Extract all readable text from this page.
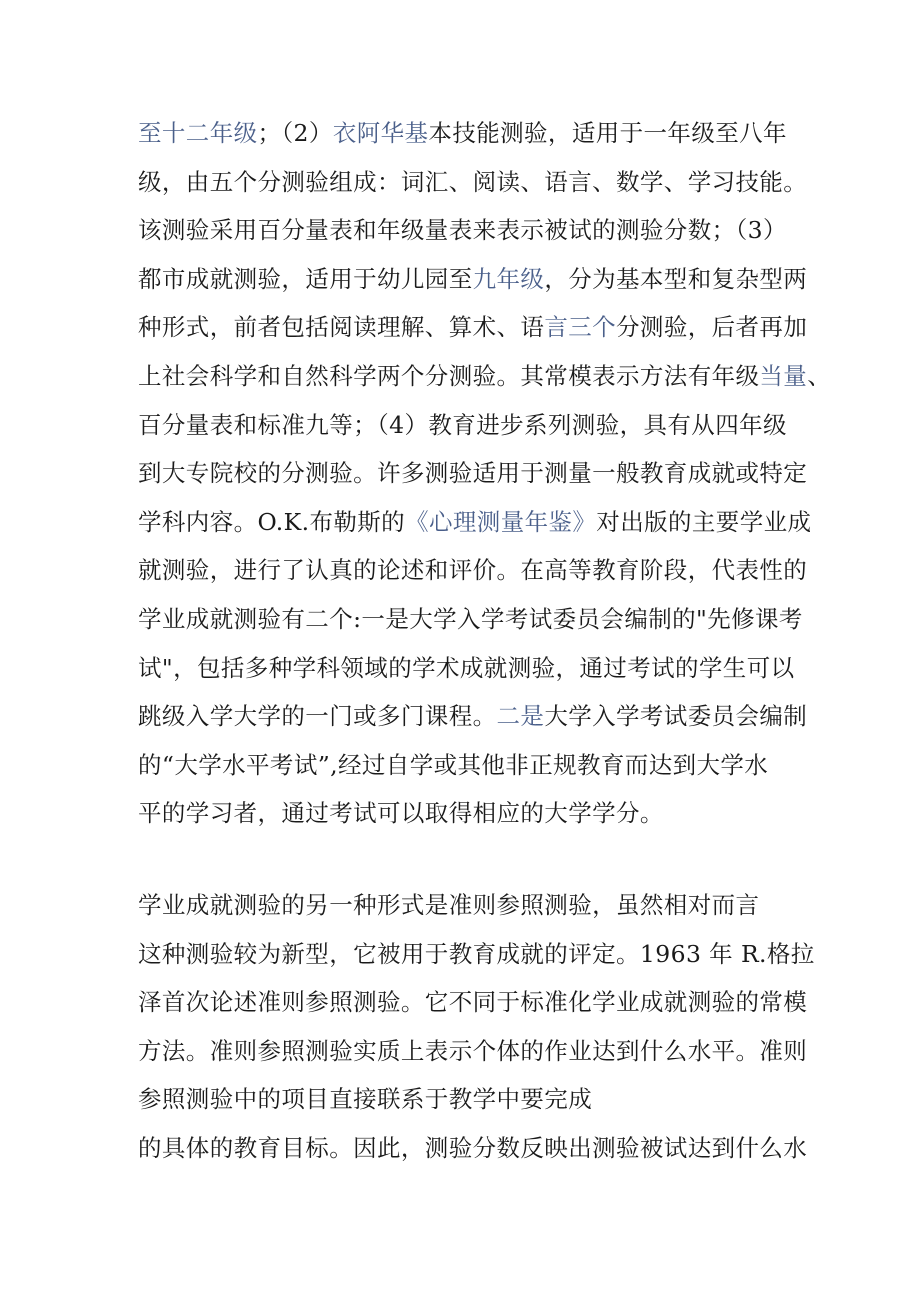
至十二年级；（2）衣阿华基本技能测验，适用于一年级至八年
级，由五个分测验组成：词汇、阅读、语言、数学、学习技能。
该测验采用百分量表和年级量表来表示被试的测验分数；（3）
都市成就测验，适用于幼儿园至九年级，分为基本型和复杂型两
种形式，前者包括阅读理解、算术、语言三个分测验，后者再加
上社会科学和自然科学两个分测验。其常模表示方法有年级当量、
百分量表和标准九等；（4）教育进步系列测验，具有从四年级
到大专院校的分测验。许多测验适用于测量一般教育成就或特定
学科内容。O.K.布勒斯的《心理测量年鉴》对出版的主要学业成
就测验，进行了认真的论述和评价。在高等教育阶段，代表性的
学业成就测验有二个:一是大学入学考试委员会编制的"先修课考
试"，包括多种学科领域的学术成就测验，通过考试的学生可以
跳级入学大学的一门或多门课程。二是大学入学考试委员会编制
的“大学水平考试”,经过自学或其他非正规教育而达到大学水
平的学习者，通过考试可以取得相应的大学学分。
学业成就测验的另一种形式是准则参照测验，虽然相对而言
这种测验较为新型，它被用于教育成就的评定。1963 年 R.格拉
泽首次论述准则参照测验。它不同于标准化学业成就测验的常模
方法。准则参照测验实质上表示个体的作业达到什么水平。准则
参照测验中的项目直接联系于教学中要完成
的具体的教育目标。因此，测验分数反映出测验被试达到什么水
